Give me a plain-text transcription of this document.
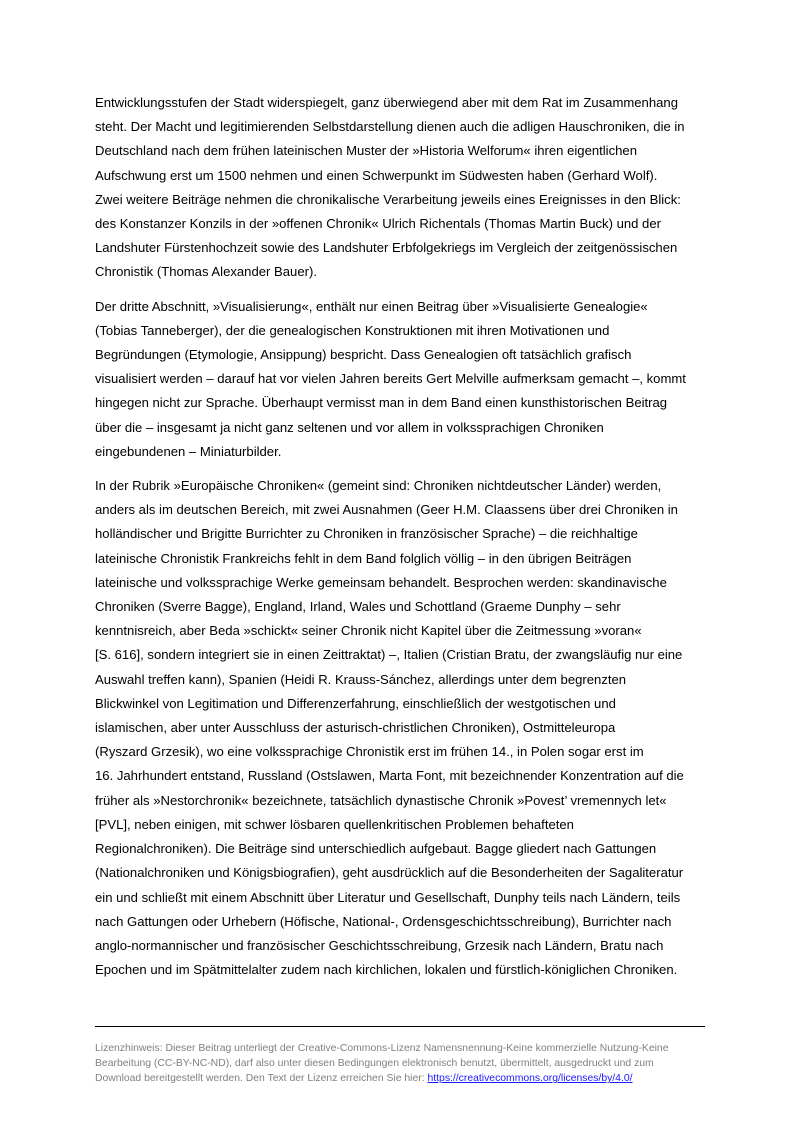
Entwicklungsstufen der Stadt widerspiegelt, ganz überwiegend aber mit dem Rat im Zusammenhang
steht. Der Macht und legitimierenden Selbstdarstellung dienen auch die adligen Hauschroniken, die in
Deutschland nach dem frühen lateinischen Muster der »Historia Welforum« ihren eigentlichen
Aufschwung erst um 1500 nehmen und einen Schwerpunkt im Südwesten haben (Gerhard Wolf).
Zwei weitere Beiträge nehmen die chronikalische Verarbeitung jeweils eines Ereignisses in den Blick:
des Konstanzer Konzils in der »offenen Chronik« Ulrich Richentals (Thomas Martin Buck) und der
Landshuter Fürstenhochzeit sowie des Landshuter Erbfolgekriegs im Vergleich der zeitgenössischen
Chronistik (Thomas Alexander Bauer).

Der dritte Abschnitt, »Visualisierung«, enthält nur einen Beitrag über »Visualisierte Genealogie«
(Tobias Tanneberger), der die genealogischen Konstruktionen mit ihren Motivationen und
Begründungen (Etymologie, Ansippung) bespricht. Dass Genealogien oft tatsächlich grafisch
visualisiert werden – darauf hat vor vielen Jahren bereits Gert Melville aufmerksam gemacht –, kommt
hingegen nicht zur Sprache. Überhaupt vermisst man in dem Band einen kunsthistorischen Beitrag
über die – insgesamt ja nicht ganz seltenen und vor allem in volkssprachigen Chroniken
eingebundenen – Miniaturbilder.

In der Rubrik »Europäische Chroniken« (gemeint sind: Chroniken nichtdeutscher Länder) werden,
anders als im deutschen Bereich, mit zwei Ausnahmen (Geer H.M. Claassens über drei Chroniken in
holländischer und Brigitte Burrichter zu Chroniken in französischer Sprache) – die reichhaltige
lateinische Chronistik Frankreichs fehlt in dem Band folglich völlig – in den übrigen Beiträgen
lateinische und volkssprachige Werke gemeinsam behandelt. Besprochen werden: skandinavische
Chroniken (Sverre Bagge), England, Irland, Wales und Schottland (Graeme Dunphy – sehr
kenntnisreich, aber Beda »schickt« seiner Chronik nicht Kapitel über die Zeitmessung »voran«
[S. 616], sondern integriert sie in einen Zeittraktat) –, Italien (Cristian Bratu, der zwangsläufig nur eine
Auswahl treffen kann), Spanien (Heidi R. Krauss-Sánchez, allerdings unter dem begrenzten
Blickwinkel von Legitimation und Differenzerfahrung, einschließlich der westgotischen und
islamischen, aber unter Ausschluss der asturisch-christlichen Chroniken), Ostmitteleuropa
(Ryszard Grzesik), wo eine volkssprachige Chronistik erst im frühen 14., in Polen sogar erst im
16. Jahrhundert entstand, Russland (Ostslawen, Marta Font, mit bezeichnender Konzentration auf die
früher als »Nestorchronik« bezeichnete, tatsächlich dynastische Chronik »Povest’ vremennych let«
[PVL], neben einigen, mit schwer lösbaren quellenkritischen Problemen behafteten
Regionalchroniken). Die Beiträge sind unterschiedlich aufgebaut. Bagge gliedert nach Gattungen
(Nationalchroniken und Königsbiografien), geht ausdrücklich auf die Besonderheiten der Sagaliteratur
ein und schließt mit einem Abschnitt über Literatur und Gesellschaft, Dunphy teils nach Ländern, teils
nach Gattungen oder Urhebern (Höfische, National-, Ordensgeschichtsschreibung), Burrichter nach
anglo-normannischer und französischer Geschichtsschreibung, Grzesik nach Ländern, Bratu nach
Epochen und im Spätmittelalter zudem nach kirchlichen, lokalen und fürstlich-königlichen Chroniken.

Lizenzhinweis: Dieser Beitrag unterliegt der Creative-Commons-Lizenz Namensnennung-Keine kommerzielle Nutzung-Keine
Bearbeitung (CC-BY-NC-ND), darf also unter diesen Bedingungen elektronisch benutzt, übermittelt, ausgedruckt und zum
Download bereitgestellt werden. Den Text der Lizenz erreichen Sie hier: https://creativecommons.org/licenses/by/4.0/
